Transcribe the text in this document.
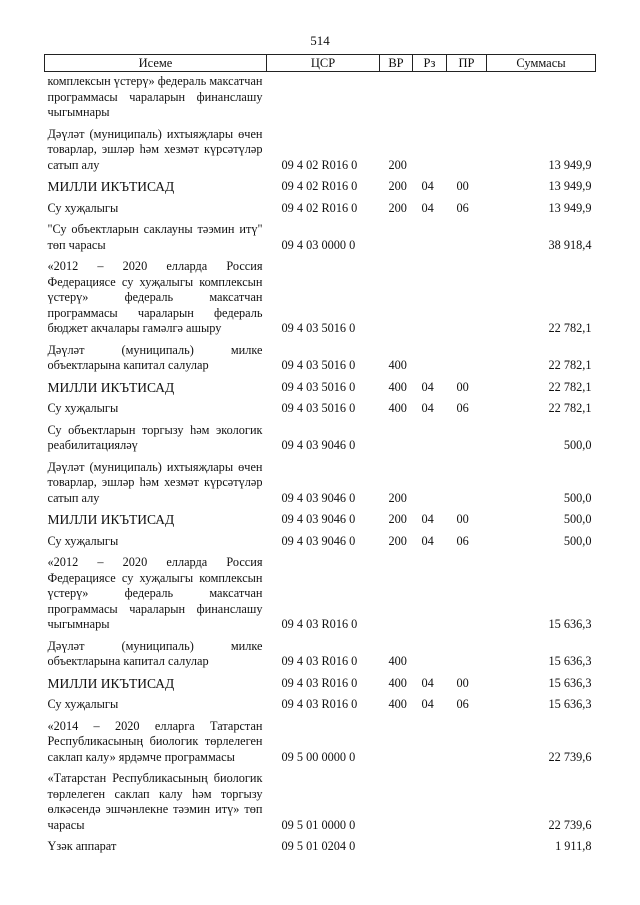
514
Исеме	ЦСР	ВР	Рз	ПР	Суммасы
комплексын үстерү» федераль максатчан программасы чараларын финанслашу чыгымнары					
Дәүләт (муниципаль) ихтыяҗлары өчен товарлар, эшләр һәм хезмәт күрсәтүләр сатып алу	09 4 02 R016 0	200			13 949,9
МИЛЛИ ИКЪТИСАД	09 4 02 R016 0	200	04	00	13 949,9
Су хуҗалыгы	09 4 02 R016 0	200	04	06	13 949,9
"Су объектларын саклауны тәэмин итү" төп чарасы	09 4 03 0000 0				38 918,4
«2012 – 2020 елларда Россия Федерациясе су хуҗалыгы комплексын үстерү» федераль максатчан программасы чараларын федераль бюджет акчалары гамәлгә ашыру	09 4 03 5016 0				22 782,1
Дәүләт (муниципаль) милке объектларына капитал салулар	09 4 03 5016 0	400			22 782,1
МИЛЛИ ИКЪТИСАД	09 4 03 5016 0	400	04	00	22 782,1
Су хуҗалыгы	09 4 03 5016 0	400	04	06	22 782,1
Су объектларын торгызу һәм экологик реабилитацияләү	09 4 03 9046 0				500,0
Дәүләт (муниципаль) ихтыяҗлары өчен товарлар, эшләр һәм хезмәт күрсәтүләр сатып алу	09 4 03 9046 0	200			500,0
МИЛЛИ ИКЪТИСАД	09 4 03 9046 0	200	04	00	500,0
Су хуҗалыгы	09 4 03 9046 0	200	04	06	500,0
«2012 – 2020 елларда Россия Федерациясе су хуҗалыгы комплексын үстерү» федераль максатчан программасы чараларын финанслашу чыгымнары	09 4 03 R016 0				15 636,3
Дәүләт (муниципаль) милке объектларына капитал салулар	09 4 03 R016 0	400			15 636,3
МИЛЛИ ИКЪТИСАД	09 4 03 R016 0	400	04	00	15 636,3
Су хуҗалыгы	09 4 03 R016 0	400	04	06	15 636,3
«2014 – 2020 елларга Татарстан Республикасының биологик төрлелеген саклап калу» ярдәмче программасы	09 5 00 0000 0				22 739,6
«Татарстан Республикасының биологик төрлелеген саклап калу һәм торгызу өлкәсендә эшчәнлекне тәэмин итү» төп чарасы	09 5 01 0000 0				22 739,6
Үзәк аппарат	09 5 01 0204 0				1 911,8
